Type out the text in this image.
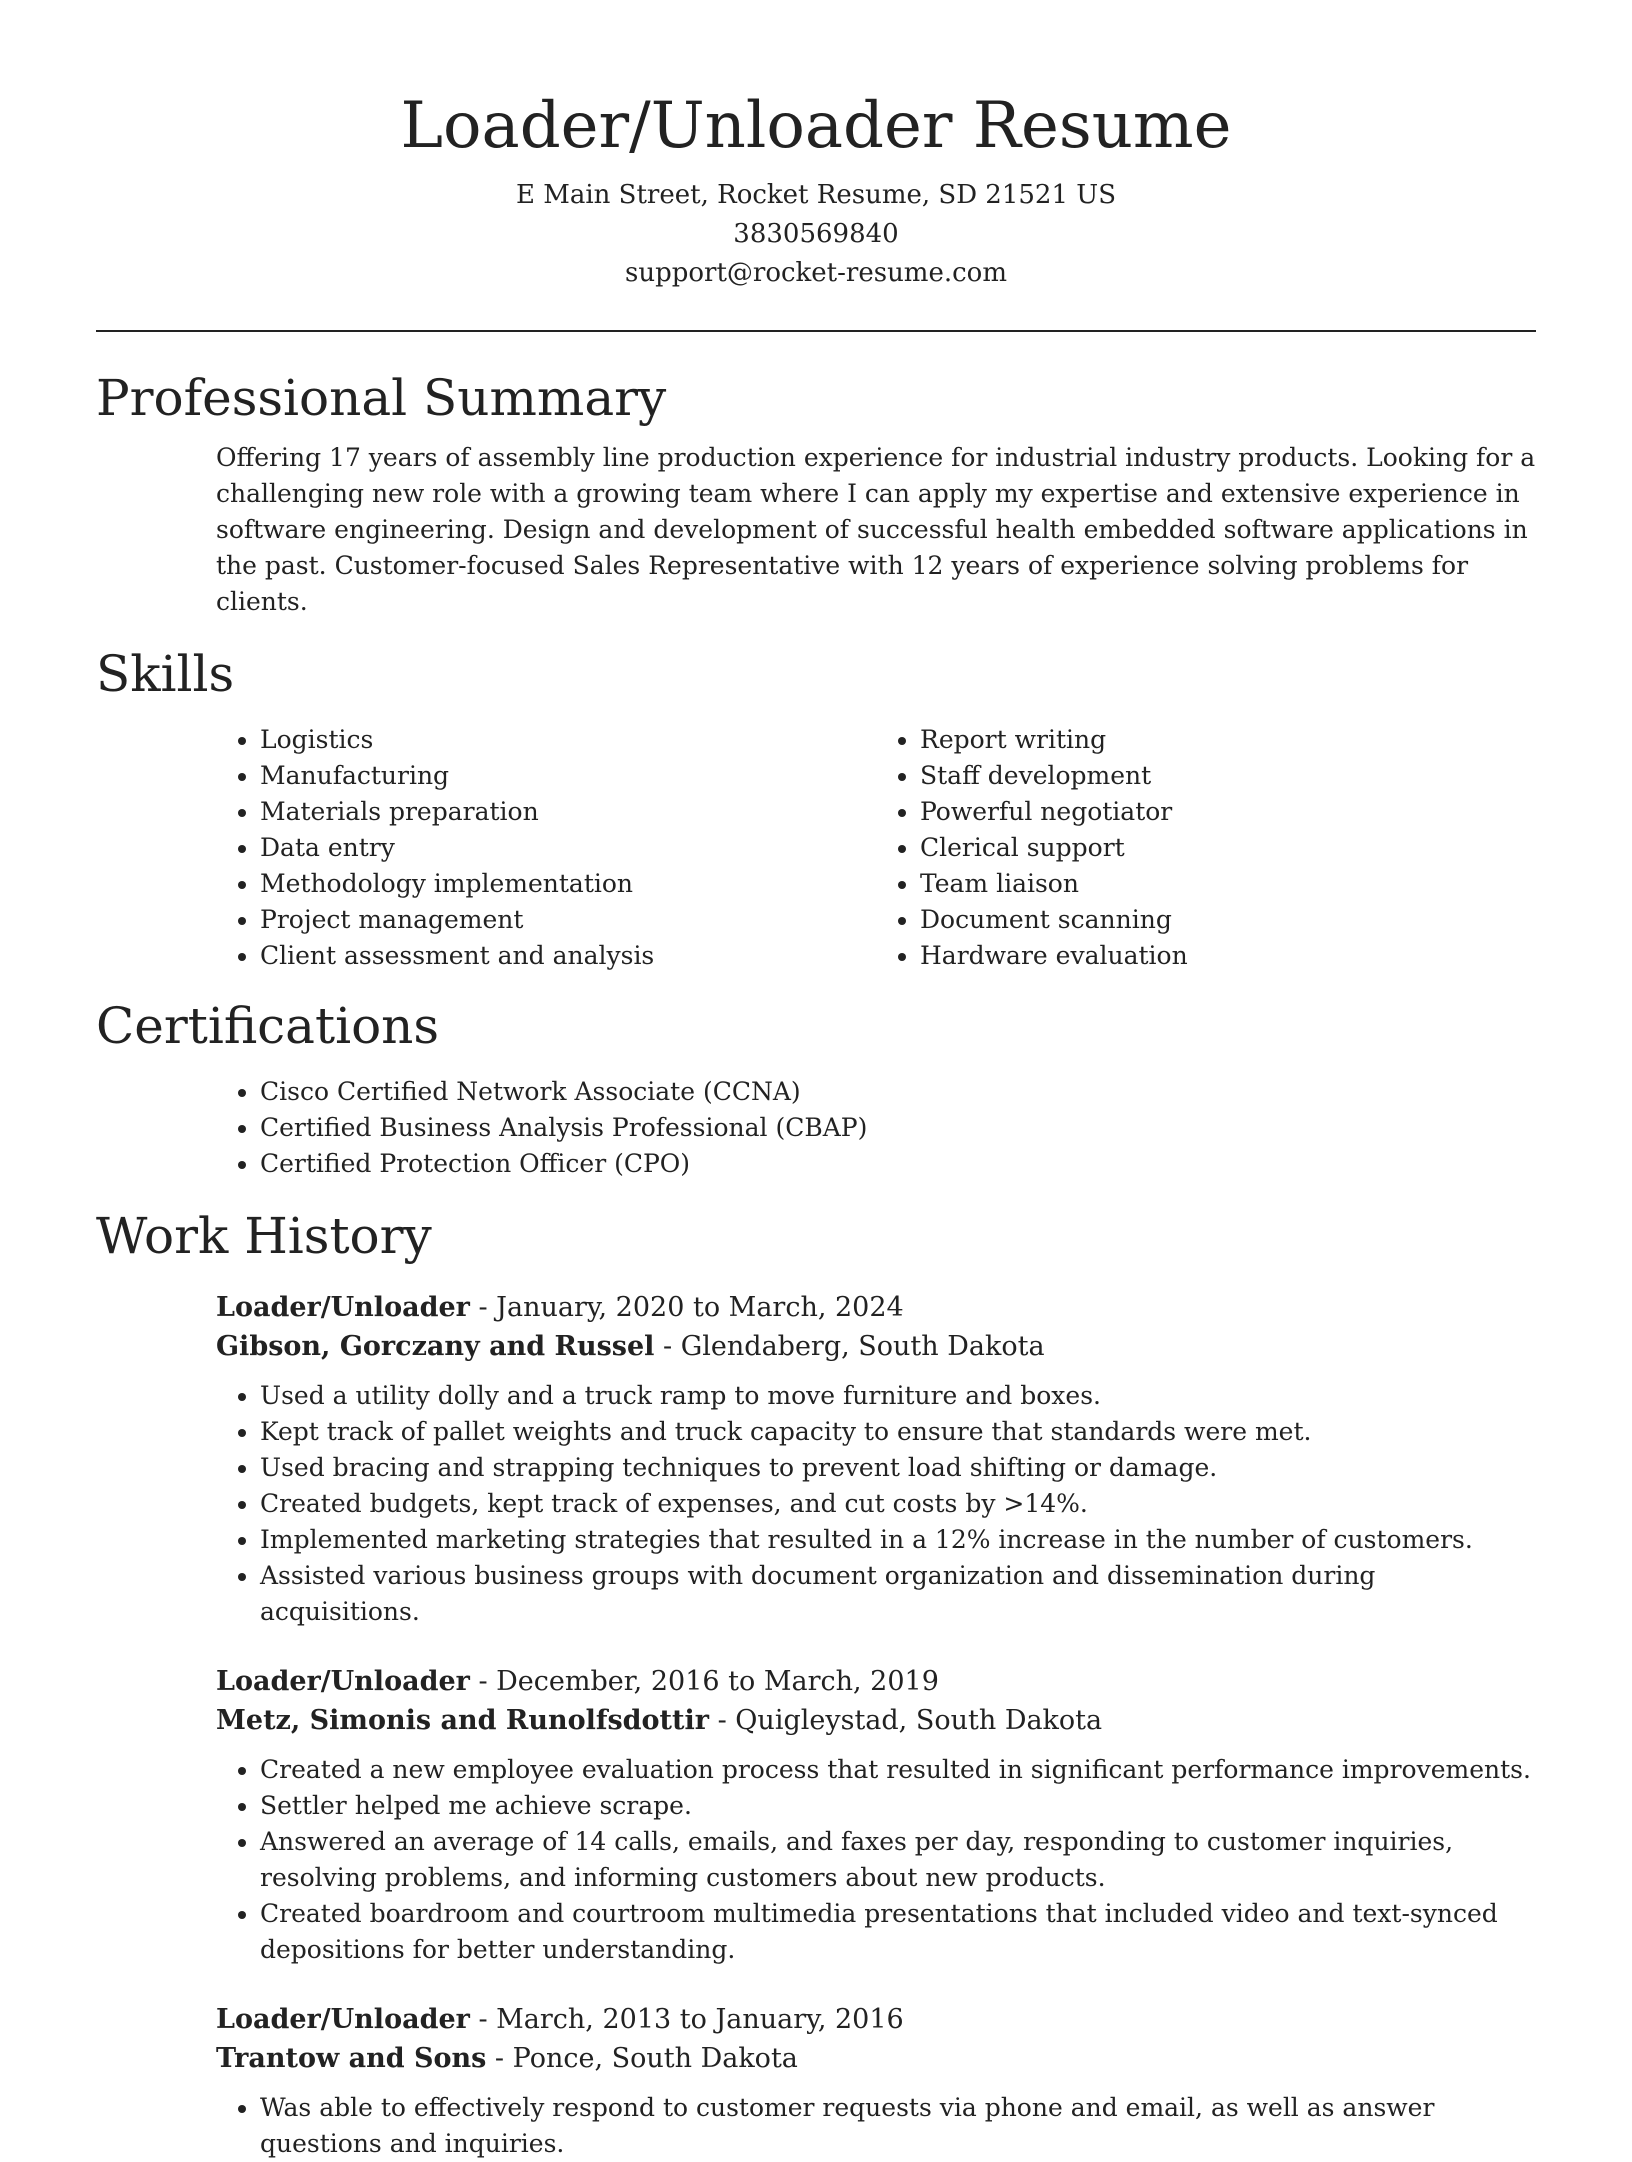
Loader/Unloader Resume
E Main Street, Rocket Resume, SD 21521 US
3830569840
support@rocket-resume.com
Professional Summary

Offering 17 years of assembly line production experience for industrial industry products. Looking for a challenging new role with a growing team where I can apply my expertise and extensive experience in software engineering. Design and development of successful health embedded software applications in the past. Customer-focused Sales Representative with 12 years of experience solving problems for clients.

Skills
• Logistics
• Manufacturing
• Materials preparation
• Data entry
• Methodology implementation
• Project management
• Client assessment and analysis
• Report writing
• Staff development
• Powerful negotiator
• Clerical support
• Team liaison
• Document scanning
• Hardware evaluation
Certifications
• Cisco Certified Network Associate (CCNA)
• Certified Business Analysis Professional (CBAP)
• Certified Protection Officer (CPO)
Work History
Loader/Unloader - January, 2020 to March, 2024
Gibson, Gorczany and Russel - Glendaberg, South Dakota
• Used a utility dolly and a truck ramp to move furniture and boxes.
• Kept track of pallet weights and truck capacity to ensure that standards were met.
• Used bracing and strapping techniques to prevent load shifting or damage.
• Created budgets, kept track of expenses, and cut costs by >14%.
• Implemented marketing strategies that resulted in a 12% increase in the number of customers.
• Assisted various business groups with document organization and dissemination during acquisitions.
Loader/Unloader - December, 2016 to March, 2019
Metz, Simonis and Runolfsdottir - Quigleystad, South Dakota
• Created a new employee evaluation process that resulted in significant performance improvements.
• Settler helped me achieve scrape.
• Answered an average of 14 calls, emails, and faxes per day, responding to customer inquiries, resolving problems, and informing customers about new products.
• Created boardroom and courtroom multimedia presentations that included video and text-synced depositions for better understanding.
Loader/Unloader - March, 2013 to January, 2016
Trantow and Sons - Ponce, South Dakota
• Was able to effectively respond to customer requests via phone and email, as well as answer questions and inquiries.
